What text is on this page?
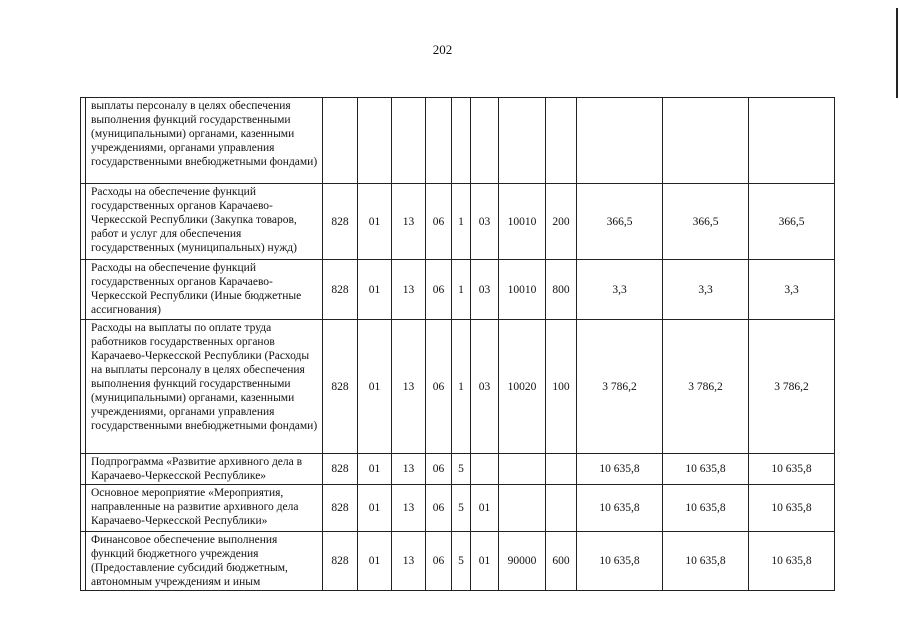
202
	выплаты персоналу в целях обеспечения выполнения функций государственными (муниципальными) органами, казенными учреждениями, органами управления государственными внебюджетными фондами)											
	Расходы на обеспечение функций государственных органов Карачаево-Черкесской Республики (Закупка товаров, работ и услуг для обеспечения государственных (муниципальных) нужд)	828	01	13	06	1	03	10010	200	366,5	366,5	366,5
	Расходы на обеспечение функций государственных органов Карачаево-Черкесской Республики (Иные бюджетные ассигнования)	828	01	13	06	1	03	10010	800	3,3	3,3	3,3
	Расходы на выплаты по оплате труда работников государственных органов Карачаево-Черкесской Республики (Расходы на выплаты персоналу в целях обеспечения выполнения функций государственными (муниципальными) органами, казенными учреждениями, органами управления государственными внебюджетными фондами)	828	01	13	06	1	03	10020	100	3 786,2	3 786,2	3 786,2
	Подпрограмма «Развитие архивного дела в Карачаево-Черкесской Республике»	828	01	13	06	5				10 635,8	10 635,8	10 635,8
	Основное мероприятие «Мероприятия, направленные на развитие архивного дела Карачаево-Черкесской Республики»	828	01	13	06	5	01			10 635,8	10 635,8	10 635,8
	Финансовое обеспечение выполнения функций бюджетного учреждения (Предоставление субсидий бюджетным, автономным учреждениям и иным	828	01	13	06	5	01	90000	600	10 635,8	10 635,8	10 635,8
